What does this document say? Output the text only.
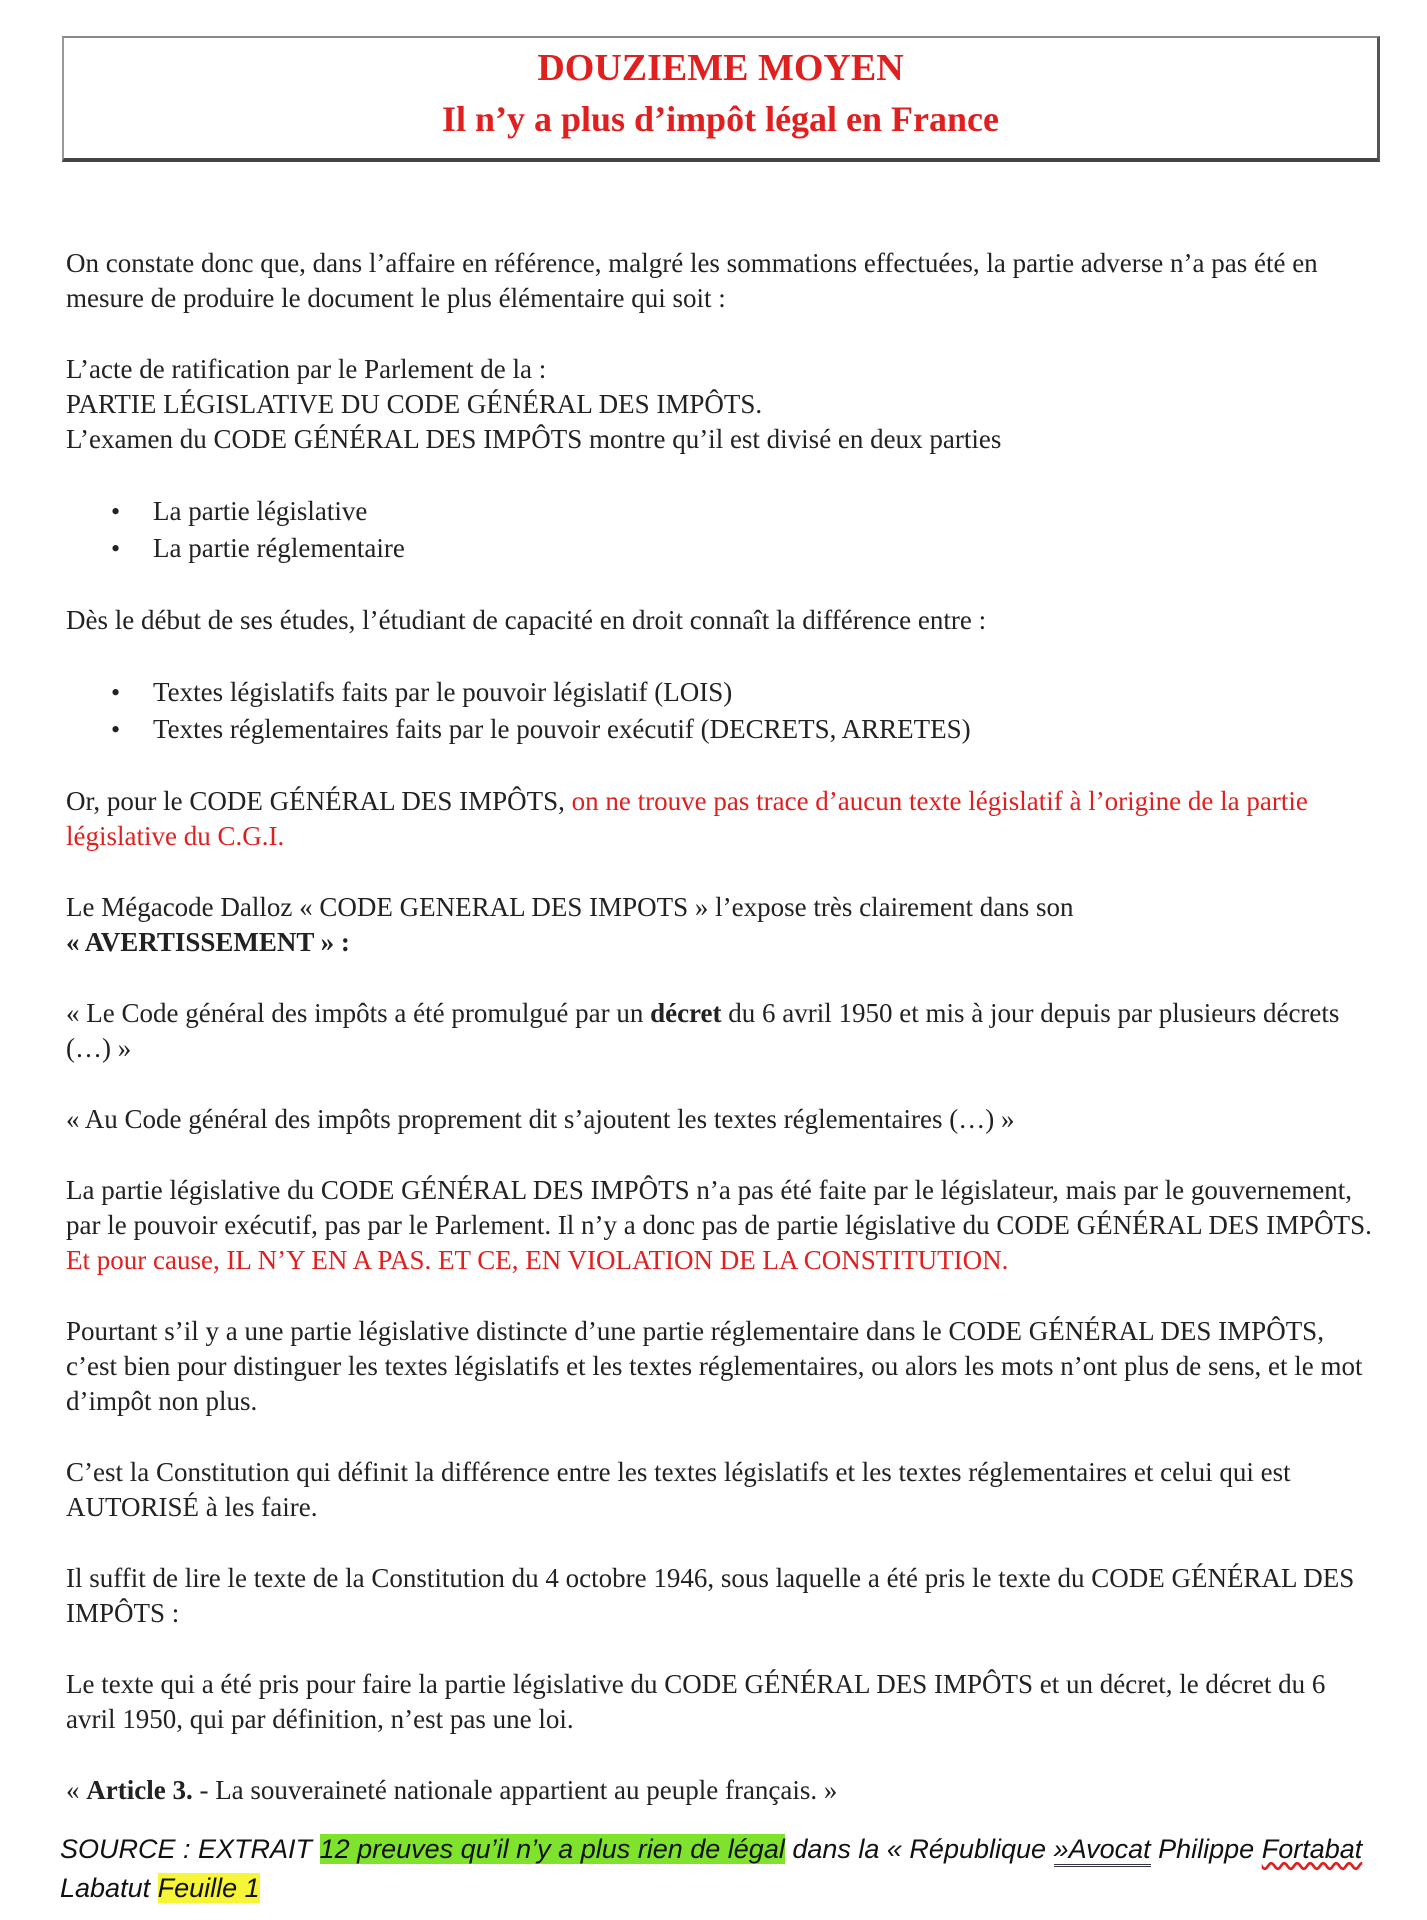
DOUZIEME MOYEN
Il n’y a plus d’impôt légal en France

On constate donc que, dans l’affaire en référence, malgré les sommations effectuées, la partie adverse n’a pas été en mesure de produire le document le plus élémentaire qui soit :

L’acte de ratification par le Parlement de la :
PARTIE LÉGISLATIVE DU CODE GÉNÉRAL DES IMPÔTS.
L’examen du CODE GÉNÉRAL DES IMPÔTS montre qu’il est divisé en deux parties

• La partie législative
• La partie réglementaire

Dès le début de ses études, l’étudiant de capacité en droit connaît la différence entre :

• Textes législatifs faits par le pouvoir législatif (LOIS)
• Textes réglementaires faits par le pouvoir exécutif (DECRETS, ARRETES)

Or, pour le CODE GÉNÉRAL DES IMPÔTS, on ne trouve pas trace d’aucun texte législatif à l’origine de la partie législative du C.G.I.

Le Mégacode Dalloz « CODE GENERAL DES IMPOTS » l’expose très clairement dans son
« AVERTISSEMENT » :

« Le Code général des impôts a été promulgué par un décret du 6 avril 1950 et mis à jour depuis par plusieurs décrets (…) »

« Au Code général des impôts proprement dit s’ajoutent les textes réglementaires (…) »

La partie législative du CODE GÉNÉRAL DES IMPÔTS n’a pas été faite par le législateur, mais par le gouvernement, par le pouvoir exécutif, pas par le Parlement. Il n’y a donc pas de partie législative du CODE GÉNÉRAL DES IMPÔTS.
Et pour cause, IL N’Y EN A PAS. ET CE, EN VIOLATION DE LA CONSTITUTION.

Pourtant s’il y a une partie législative distincte d’une partie réglementaire dans le CODE GÉNÉRAL DES IMPÔTS, c’est bien pour distinguer les textes législatifs et les textes réglementaires, ou alors les mots n’ont plus de sens, et le mot d’impôt non plus.

C’est la Constitution qui définit la différence entre les textes législatifs et les textes réglementaires et celui qui est AUTORISÉ à les faire.

Il suffit de lire le texte de la Constitution du 4 octobre 1946, sous laquelle a été pris le texte du CODE GÉNÉRAL DES IMPÔTS :

Le texte qui a été pris pour faire la partie législative du CODE GÉNÉRAL DES IMPÔTS et un décret, le décret du 6 avril 1950, qui par définition, n’est pas une loi.

« Article 3. - La souveraineté nationale appartient au peuple français. »

SOURCE : EXTRAIT 12 preuves qu’il n’y a plus rien de légal dans la « République »Avocat Philippe Fortabat Labatut Feuille 1
